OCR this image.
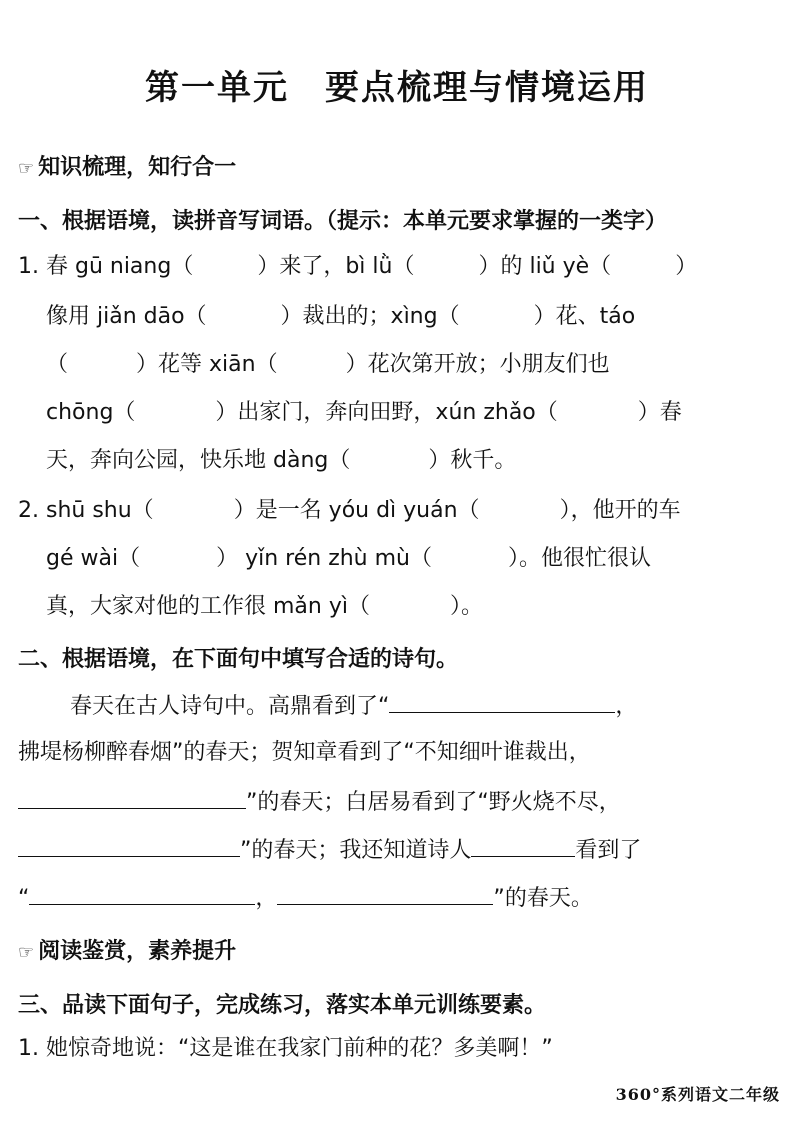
第一单元　要点梳理与情境运用
☞ 知识梳理，知行合一
一、根据语境，读拼音写词语。（提示：本单元要求掌握的一类字）
1. 春 gū niang（	）来了，bì lǜ（	）的 liǔ yè（	）
像用 jiǎn dāo（	）裁出的；xìng（	）花、táo
（	）花等 xiān（	）花次第开放；小朋友们也
chōng（	）出家门，奔向田野，xún zhǎo（	）春
天，奔向公园，快乐地 dàng（	）秋千。
2. shū shu（	）是一名 yóu dì yuán（	），他开的车
gé wài（	） yǐn rén zhù mù（	）。他很忙很认
真，大家对他的工作很 mǎn yì（	）。
二、根据语境，在下面句中填写合适的诗句。
春天在古人诗句中。高鼎看到了“	，
拂堤杨柳醉春烟”的春天；贺知章看到了“不知细叶谁裁出，
”的春天；白居易看到了“野火烧不尽，
”的春天；我还知道诗人	看到了
“	，	”的春天。
☞ 阅读鉴赏，素养提升
三、品读下面句子，完成练习，落实本单元训练要素。
1. 她惊奇地说：“这是谁在我家门前种的花？多美啊！”
360°系列语文二年级
